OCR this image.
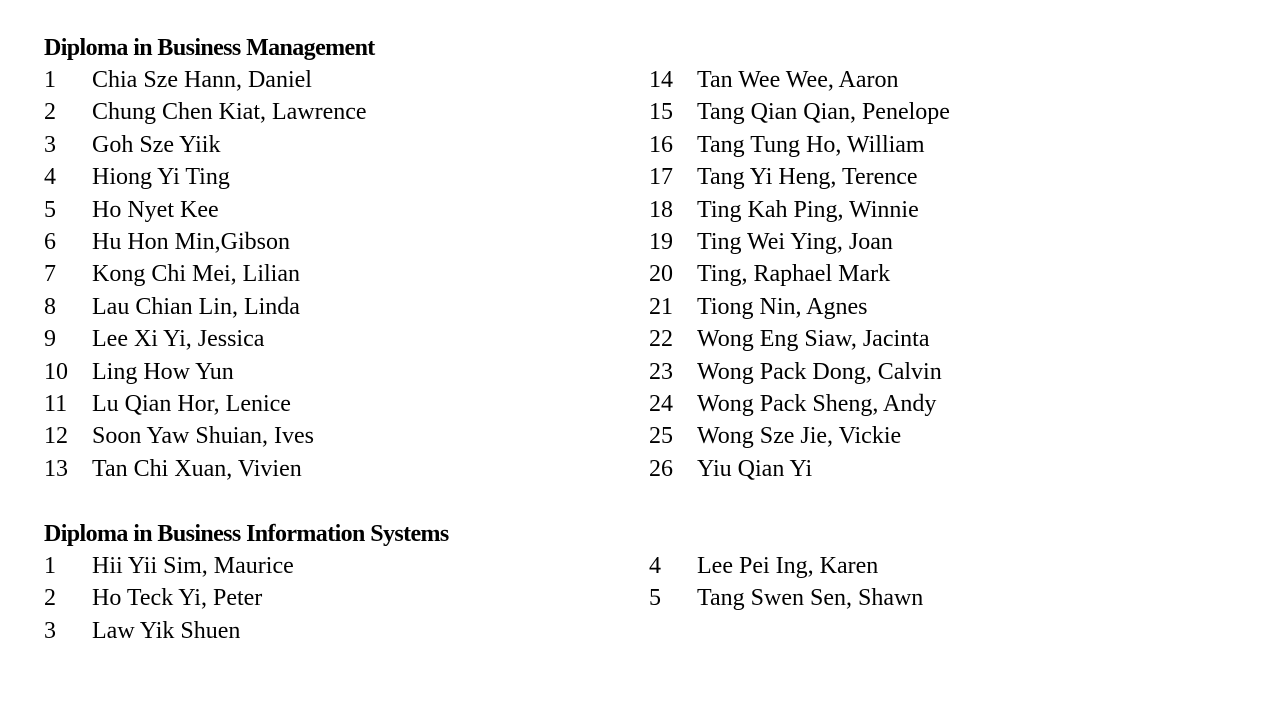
Diploma in Business Management
1	Chia Sze Hann, Daniel
2	Chung Chen Kiat, Lawrence
3	Goh Sze Yiik
4	Hiong Yi Ting
5	Ho Nyet Kee
6	Hu Hon Min,Gibson
7	Kong Chi Mei, Lilian
8	Lau Chian Lin, Linda
9	Lee Xi Yi, Jessica
10	Ling How Yun
11	Lu Qian Hor, Lenice
12	Soon Yaw Shuian, Ives
13	Tan Chi Xuan, Vivien
14	Tan Wee Wee, Aaron
15	Tang Qian Qian, Penelope
16	Tang Tung Ho, William
17	Tang Yi Heng, Terence
18	Ting Kah Ping, Winnie
19	Ting Wei Ying, Joan
20	Ting, Raphael Mark
21	Tiong Nin, Agnes
22	Wong Eng Siaw, Jacinta
23	Wong Pack Dong, Calvin
24	Wong Pack Sheng, Andy
25	Wong Sze Jie, Vickie
26	Yiu Qian Yi
Diploma in Business Information Systems
1	Hii Yii Sim, Maurice
2	Ho Teck Yi, Peter
3	Law Yik Shuen
4	Lee Pei Ing, Karen
5	Tang Swen Sen, Shawn
